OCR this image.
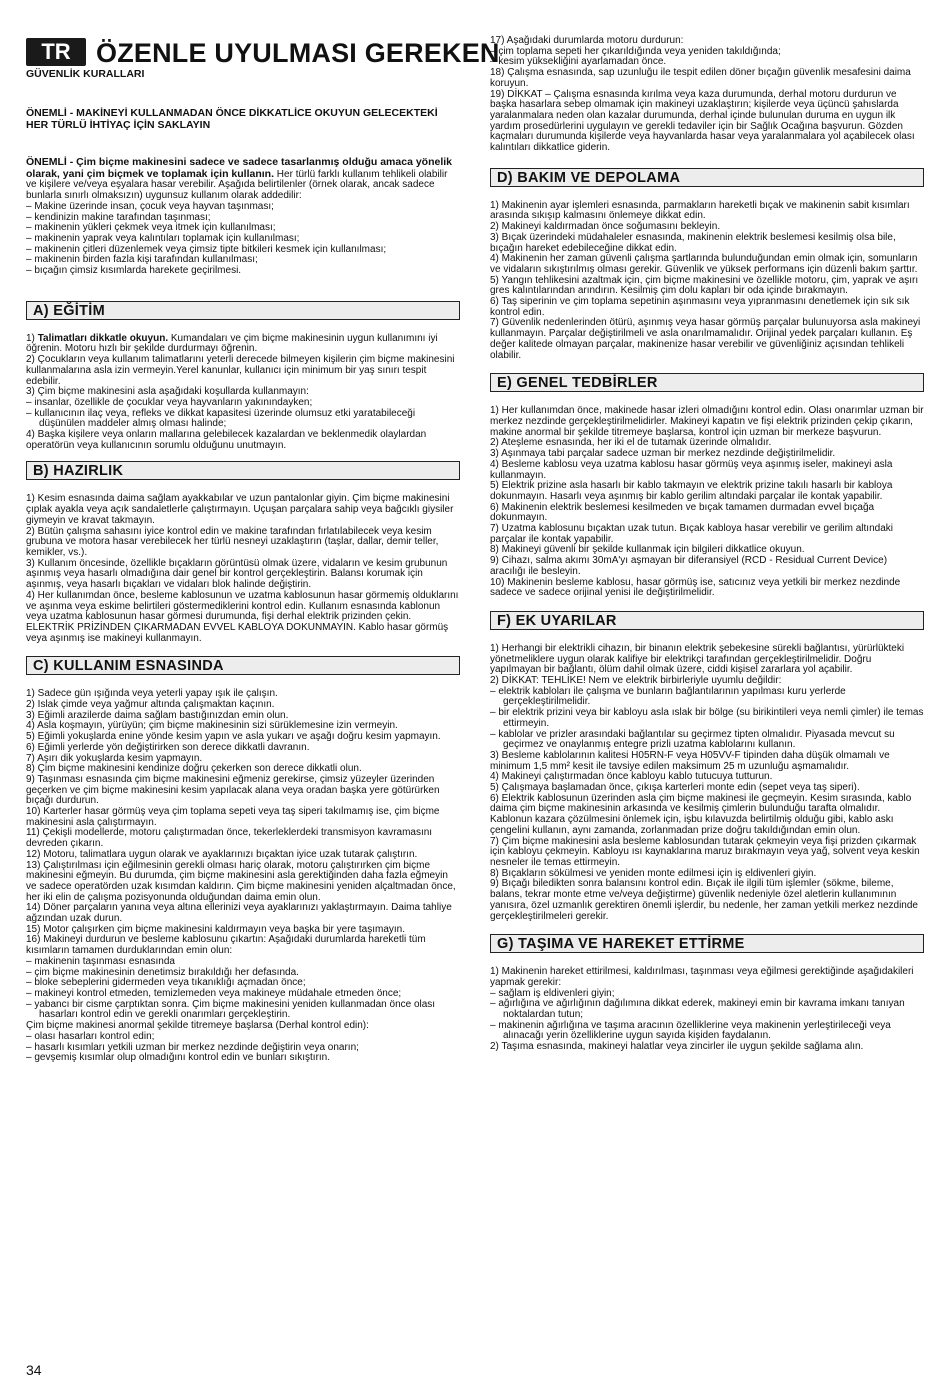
TR ÖZENLE UYULMASI GEREKEN
GÜVENLİK KURALLARI
ÖNEMLİ - MAKİNEYİ KULLANMADAN ÖNCE DİKKATLİCE OKUYUN GELECEKTEKİ HER TÜRLÜ İHTİYAÇ İÇİN SAKLAYIN

ÖNEMLİ - Çim biçme makinesini sadece ve sadece tasarlanmış olduğu amaca yönelik olarak, yani çim biçmek ve toplamak için kullanın. Her türlü farklı kullanım tehlikeli olabilir ve kişilere ve/veya eşyalara hasar verebilir. Aşağıda belirtilenler (örnek olarak, ancak sadece bunlarla sınırlı olmaksızın) uygunsuz kullanım olarak addedilir:

– Makine üzerinde insan, çocuk veya hayvan taşınması;

– kendinizin makine tarafından taşınması;

– makinenin yükleri çekmek veya itmek için kullanılması;

– makinenin yaprak veya kalıntıları toplamak için kullanılması;

– makinenin çitleri düzenlemek veya çimsiz tipte bitkileri kesmek için kullanılması;

– makinenin birden fazla kişi tarafından kullanılması;

– bıçağın çimsiz kısımlarda harekete geçirilmesi.

A) EĞİTİM

1) Talimatları dikkatle okuyun. Kumandaları ve çim biçme makinesinin uygun kullanımını iyi öğrenin. Motoru hızlı bir şekilde durdurmayı öğrenin.

2) Çocukların veya kullanım talimatlarını yeterli derecede bilmeyen kişilerin çim biçme makinesini kullanmalarına asla izin vermeyin.Yerel kanunlar, kullanıcı için minimum bir yaş sınırı tespit edebilir.

3) Çim biçme makinesini asla aşağıdaki koşullarda kullanmayın:

– insanlar, özellikle de çocuklar veya hayvanların yakınındayken;

– kullanıcının ilaç veya, refleks ve dikkat kapasitesi üzerinde olumsuz etki yaratabileceği düşünülen maddeler almış olması halinde;

4) Başka kişilere veya onların mallarına gelebilecek kazalardan ve beklenmedik olaylardan operatörün veya kullanıcının sorumlu olduğunu unutmayın.

B) HAZIRLIK

1) Kesim esnasında daima sağlam ayakkabılar ve uzun pantalonlar giyin. Çim biçme makinesini çıplak ayakla veya açık sandaletlerle çalıştırmayın. Uçuşan parçalara sahip veya bağcıklı giysiler giymeyin ve kravat takmayın.

2) Bütün çalışma sahasını iyice kontrol edin ve makine tarafından fırlatılabilecek veya kesim grubuna ve motora hasar verebilecek her türlü nesneyi uzaklaştırın (taşlar, dallar, demir teller, kemikler, vs.).

3) Kullanım öncesinde, özellikle bıçakların görüntüsü olmak üzere, vidaların ve kesim grubunun aşınmış veya hasarlı olmadığına dair genel bir kontrol gerçekleştirin. Balansı korumak için aşınmış, veya hasarlı bıçakları ve vidaları blok halinde değiştirin.

4) Her kullanımdan önce, besleme kablosunun ve uzatma kablosunun hasar görmemiş olduklarını ve aşınma veya eskime belirtileri göstermediklerini kontrol edin. Kullanım esnasında kablonun veya uzatma kablosunun hasar görmesi durumunda, fişi derhal elektrik prizinden çekin. ELEKTRİK PRİZİNDEN ÇIKARMADAN EVVEL KABLOYA DOKUNMAYIN. Kablo hasar görmüş veya aşınmış ise makineyi kullanmayın.

C) KULLANIM ESNASINDA

1) Sadece gün ışığında veya yeterli yapay ışık ile çalışın.

2) Islak çimde veya yağmur altında çalışmaktan kaçının.

3) Eğimli arazilerde daima sağlam bastığınızdan emin olun.

4) Asla koşmayın, yürüyün; çim biçme makinesinin sizi sürüklemesine izin vermeyin.

5) Eğimli yokuşlarda enine yönde kesim yapın ve asla yukarı ve aşağı doğru kesim yapmayın.

6) Eğimli yerlerde yön değiştirirken son derece dikkatli davranın.

7) Aşırı dik yokuşlarda kesim yapmayın.

8) Çim biçme makinesini kendinize doğru çekerken son derece dikkatli olun.

9) Taşınması esnasında çim biçme makinesini eğmeniz gerekirse, çimsiz yüzeyler üzerinden geçerken ve çim biçme makinesini kesim yapılacak alana veya oradan başka yere götürürken bıçağı durdurun.

10) Karterler hasar görmüş veya çim toplama sepeti veya taş siperi takılmamış ise, çim biçme makinesini asla çalıştırmayın.

11) Çekişli modellerde, motoru çalıştırmadan önce, tekerleklerdeki transmisyon kavramasını devreden çıkarın.

12) Motoru, talimatlara uygun olarak ve ayaklarınızı bıçaktan iyice uzak tutarak çalıştırın.

13) Çalıştırılması için eğilmesinin gerekli olması hariç olarak, motoru çalıştırırken çim biçme makinesini eğmeyin. Bu durumda, çim biçme makinesini asla gerektiğinden daha fazla eğmeyin ve sadece operatörden uzak kısımdan kaldırın. Çim biçme makinesini yeniden alçaltmadan önce, her iki elin de çalışma pozisyonunda olduğundan daima emin olun.

14) Döner parçaların yanına veya altına ellerinizi veya ayaklarınızı yaklaştırmayın. Daima tahliye ağzından uzak durun.

15) Motor çalışırken çim biçme makinesini kaldırmayın veya başka bir yere taşımayın.

16) Makineyi durdurun ve besleme kablosunu çıkartın: Aşağıdaki durumlarda hareketli tüm kısımların tamamen durduklarından emin olun:

– makinenin taşınması esnasında

– çim biçme makinesinin denetimsiz bırakıldığı her defasında.

– bloke sebeplerini gidermeden veya tıkanıklığı açmadan önce;

– makineyi kontrol etmeden, temizlemeden veya makineye müdahale etmeden önce;

– yabancı bir cisme çarptıktan sonra. Çim biçme makinesini yeniden kullanmadan önce olası hasarları kontrol edin ve gerekli onarımları gerçekleştirin.

Çim biçme makinesi anormal şekilde titremeye başlarsa (Derhal kontrol edin):

– olası hasarları kontrol edin;

– hasarlı kısımları yetkili uzman bir merkez nezdinde değiştirin veya onarın;

– gevşemiş kısımlar olup olmadığını kontrol edin ve bunları sıkıştırın.

17) Aşağıdaki durumlarda motoru durdurun:

– çim toplama sepeti her çıkarıldığında veya yeniden takıldığında;

– kesim yüksekliğini ayarlamadan önce.

18) Çalışma esnasında, sap uzunluğu ile tespit edilen döner bıçağın güvenlik mesafesini daima koruyun.

19) DİKKAT – Çalışma esnasında kırılma veya kaza durumunda, derhal motoru durdurun ve başka hasarlara sebep olmamak için makineyi uzaklaştırın; kişilerde veya üçüncü şahıslarda yaralanmalara neden olan kazalar durumunda, derhal içinde bulunulan duruma en uygun ilk yardım prosedürlerini uygulayın ve gerekli tedaviler için bir Sağlık Ocağına başvurun. Gözden kaçmaları durumunda kişilerde veya hayvanlarda hasar veya yaralanmalara yol açabilecek olası kalıntıları dikkatlice giderin.

D) BAKIM VE DEPOLAMA

1) Makinenin ayar işlemleri esnasında, parmakların hareketli bıçak ve makinenin sabit kısımları arasında sıkışıp kalmasını önlemeye dikkat edin.

2) Makineyi kaldırmadan önce soğumasını bekleyin.

3) Bıçak üzerindeki müdahaleler esnasında, makinenin elektrik beslemesi kesilmiş olsa bile, bıçağın hareket edebileceğine dikkat edin.

4) Makinenin her zaman güvenli çalışma şartlarında bulunduğundan emin olmak için, somunların ve vidaların sıkıştırılmış olması gerekir. Güvenlik ve yüksek performans için düzenli bakım şarttır.

5) Yangın tehlikesini azaltmak için, çim biçme makinesini ve özellikle motoru, çim, yaprak ve aşırı gres kalıntılarından arındırın. Kesilmiş çim dolu kapları bir oda içinde bırakmayın.

6) Taş siperinin ve çim toplama sepetinin aşınmasını veya yıpranmasını denetlemek için sık sık kontrol edin.

7) Güvenlik nedenlerinden ötürü, aşınmış veya hasar görmüş parçalar bulunuyorsa asla makineyi kullanmayın. Parçalar değiştirilmeli ve asla onarılmamalıdır. Orijinal yedek parçaları kullanın. Eş değer kalitede olmayan parçalar, makinenize hasar verebilir ve güvenliğiniz açısından tehlikeli olabilir.

E) GENEL TEDBİRLER

1) Her kullanımdan önce, makinede hasar izleri olmadığını kontrol edin. Olası onarımlar uzman bir merkez nezdinde gerçekleştirilmelidirler. Makineyi kapatın ve fişi elektrik prizinden çekip çıkarın, makine anormal bir şekilde titremeye başlarsa, kontrol için uzman bir merkeze başvurun.

2) Ateşleme esnasında, her iki el de tutamak üzerinde olmalıdır.

3) Aşınmaya tabi parçalar sadece uzman bir merkez nezdinde değiştirilmelidir.

4) Besleme kablosu veya uzatma kablosu hasar görmüş veya aşınmış iseler, makineyi asla kullanmayın.

5) Elektrik prizine asla hasarlı bir kablo takmayın ve elektrik prizine takılı hasarlı bir kabloya dokunmayın. Hasarlı veya aşınmış bir kablo gerilim altındaki parçalar ile kontak yapabilir.

6) Makinenin elektrik beslemesi kesilmeden ve bıçak tamamen durmadan evvel bıçağa dokunmayın.

7) Uzatma kablosunu bıçaktan uzak tutun. Bıçak kabloya hasar verebilir ve gerilim altındaki parçalar ile kontak yapabilir.

8) Makineyi güvenli bir şekilde kullanmak için bilgileri dikkatlice okuyun.

9) Cihazı, salma akımı 30mA'yı aşmayan bir diferansiyel (RCD - Residual Current Device) aracılığı ile besleyin.

10) Makinenin besleme kablosu, hasar görmüş ise, satıcınız veya yetkili bir merkez nezdinde sadece ve sadece orijinal yenisi ile değiştirilmelidir.

F) EK UYARILAR

1) Herhangi bir elektrikli cihazın, bir binanın elektrik şebekesine sürekli bağlantısı, yürürlükteki yönetmeliklere uygun olarak kalifiye bir elektrikçi tarafından gerçekleştirilmelidir. Doğru yapılmayan bir bağlantı, ölüm dahil olmak üzere, ciddi kişisel zararlara yol açabilir.

2) DİKKAT: TEHLİKE! Nem ve elektrik birbirleriyle uyumlu değildir:

– elektrik kabloları ile çalışma ve bunların bağlantılarının yapılması kuru yerlerde gerçekleştirilmelidir.

– bir elektrik prizini veya bir kabloyu asla ıslak bir bölge (su birikintileri veya nemli çimler) ile temas ettirmeyin.

– kablolar ve prizler arasındaki bağlantılar su geçirmez tipten olmalıdır. Piyasada mevcut su geçirmez ve onaylanmış entegre prizli uzatma kablolarını kullanın.

3) Besleme kablolarının kalitesi H05RN-F veya H05VV-F tipinden daha düşük olmamalı ve minimum 1,5 mm² kesit ile tavsiye edilen maksimum 25 m uzunluğu aşmamalıdır.

4) Makineyi çalıştırmadan önce kabloyu kablo tutucuya tutturun.

5) Çalışmaya başlamadan önce, çıkışa karterleri monte edin (sepet veya taş siperi).

6) Elektrik kablosunun üzerinden asla çim biçme makinesi ile geçmeyin. Kesim sırasında, kablo daima çim biçme makinesinin arkasında ve kesilmiş çimlerin bulunduğu tarafta olmalıdır. Kablonun kazara çözülmesini önlemek için, işbu kılavuzda belirtilmiş olduğu gibi, kablo askı çengelini kullanın, aynı zamanda, zorlanmadan prize doğru takıldığından emin olun.

7) Çim biçme makinesini asla besleme kablosundan tutarak çekmeyin veya fişi prizden çıkarmak için kabloyu çekmeyin. Kabloyu ısı kaynaklarına maruz bırakmayın veya yağ, solvent veya keskin nesneler ile temas ettirmeyin.

8) Bıçakların sökülmesi ve yeniden monte edilmesi için iş eldivenleri giyin.

9) Bıçağı biledikten sonra balansını kontrol edin. Bıçak ile ilgili tüm işlemler (sökme, bileme, balans, tekrar monte etme ve/veya değiştirme) güvenlik nedeniyle özel aletlerin kullanımının yanısıra, özel uzmanlık gerektiren önemli işlerdir, bu nedenle, her zaman yetkili merkez nezdinde gerçekleştirilmeleri gerekir.

G) TAŞIMA VE HAREKET ETTİRME

1) Makinenin hareket ettirilmesi, kaldırılması, taşınması veya eğilmesi gerektiğinde aşağıdakileri yapmak gerekir:

– sağlam iş eldivenleri giyin;

– ağırlığına ve ağırlığının dağılımına dikkat ederek, makineyi emin bir kavrama imkanı tanıyan noktalardan tutun;

– makinenin ağırlığına ve taşıma aracının özelliklerine veya makinenin yerleştirileceği veya alınacağı yerin özelliklerine uygun sayıda kişiden faydalanın.

2) Taşıma esnasında, makineyi halatlar veya zincirler ile uygun şekilde sağlama alın.

34
